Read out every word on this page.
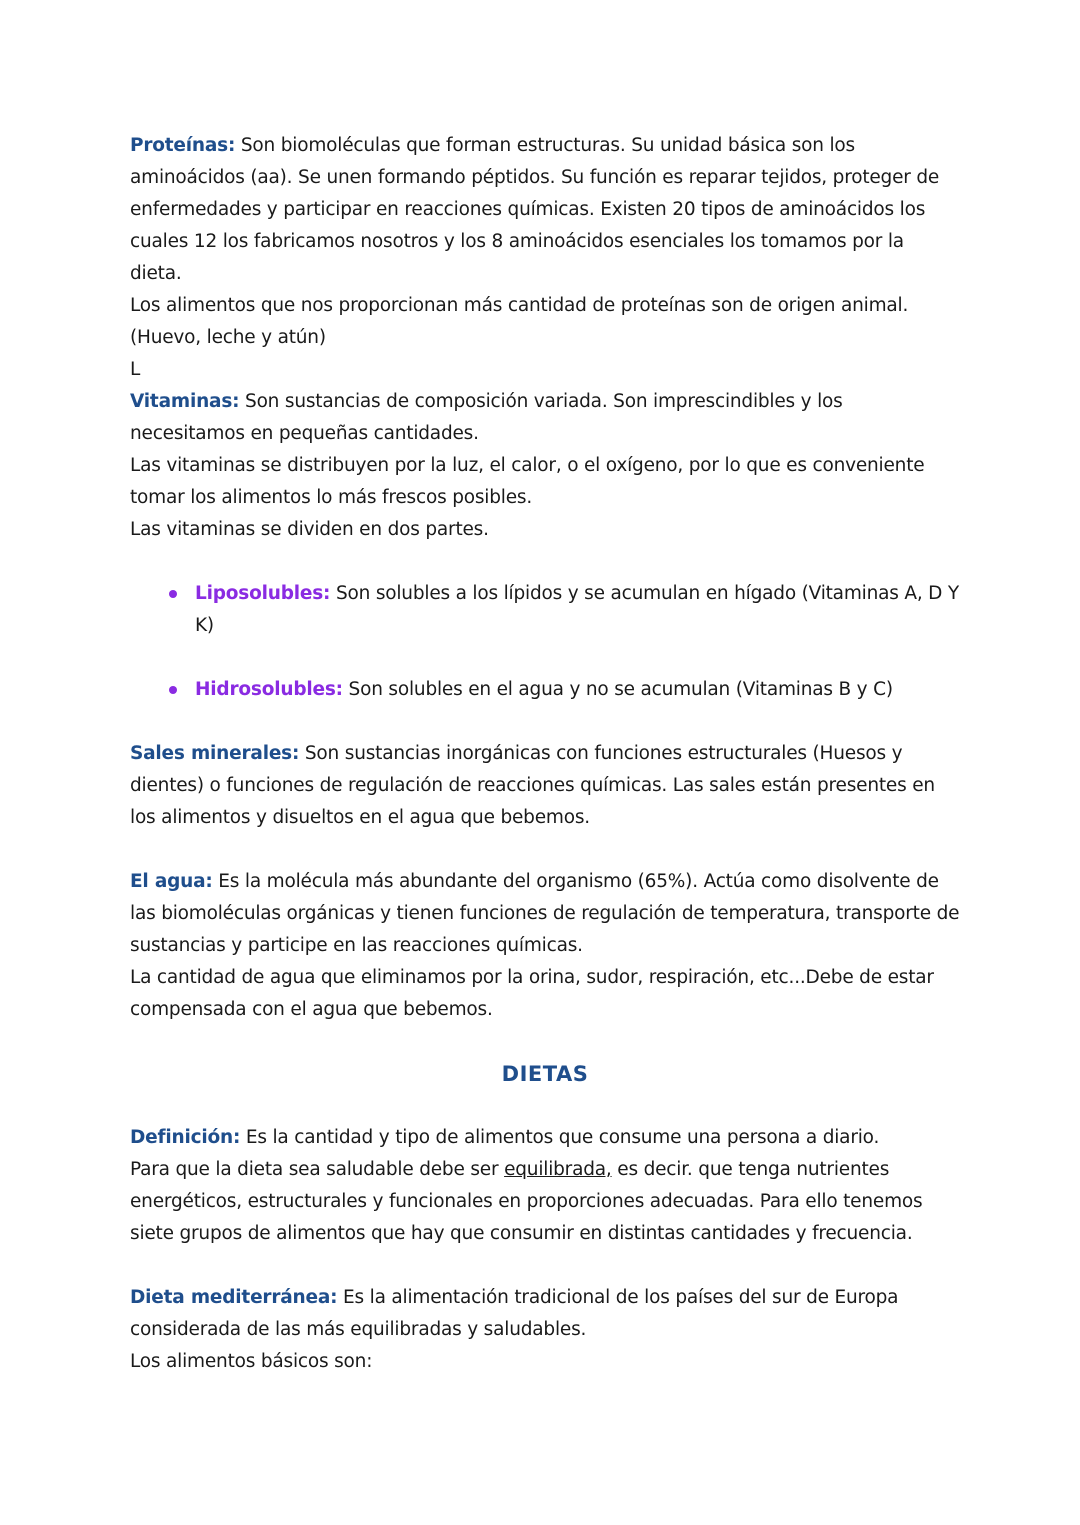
Proteínas: Son biomoléculas que forman estructuras. Su unidad básica son los aminoácidos (aa). Se unen formando péptidos. Su función es reparar tejidos, proteger de enfermedades y participar en reacciones químicas. Existen 20 tipos de aminoácidos los cuales 12 los fabricamos nosotros y los 8 aminoácidos esenciales los tomamos por la dieta.

Los alimentos que nos proporcionan más cantidad de proteínas son de origen animal. (Huevo, leche y atún)

L

Vitaminas: Son sustancias de composición variada. Son imprescindibles y los necesitamos en pequeñas cantidades.

Las vitaminas se distribuyen por la luz, el calor, o el oxígeno, por lo que es conveniente tomar los alimentos lo más frescos posibles.

Las vitaminas se dividen en dos partes.

Liposolubles: Son solubles a los lípidos y se acumulan en hígado (Vitaminas A, D Y K)
Hidrosolubles: Son solubles en el agua y no se acumulan (Vitaminas B y C)

Sales minerales: Son sustancias inorgánicas con funciones estructurales (Huesos y dientes) o funciones de regulación de reacciones químicas. Las sales están presentes en los alimentos y disueltos en el agua que bebemos.

El agua: Es la molécula más abundante del organismo (65%). Actúa como disolvente de las biomoléculas orgánicas y tienen funciones de regulación de temperatura, transporte de sustancias y participe en las reacciones químicas.

La cantidad de agua que eliminamos por la orina, sudor, respiración, etc...Debe de estar compensada con el agua que bebemos.

DIETAS

Definición: Es la cantidad y tipo de alimentos que consume una persona a diario.

Para que la dieta sea saludable debe ser equilibrada, es decir. que tenga nutrientes energéticos, estructurales y funcionales en proporciones adecuadas. Para ello tenemos siete grupos de alimentos que hay que consumir en distintas cantidades y frecuencia.

Dieta mediterránea: Es la alimentación tradicional de los países del sur de Europa considerada de las más equilibradas y saludables.

Los alimentos básicos son:
